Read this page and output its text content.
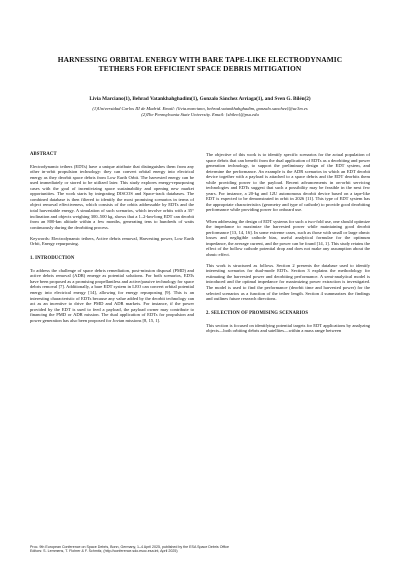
HARNESSING ORBITAL ENERGY WITH BARE TAPE-LIKE ELECTRODYNAMIC
TETHERS FOR EFFICIENT SPACE DEBRIS MITIGATION
Livia Marciano(1), Behrad Vatankhahghadim(1), Gonzalo Sánchez Arriaga(1), and Sven G. Bilén(2)
(1)Universidad Carlos III de Madrid. Email: {livia.marciano, behrad.vatankhahghadim, gonzalo.sanchez}@uc3m.es
(2)The Pennsylvania State University. Email: {sbilen}@psu.edu
ABSTRACT

Electrodynamic tethers (EDTs) have a unique attribute that distinguishes them from any other in-orbit propulsion technology: they can convert orbital energy into electrical energy as they deorbit space debris from Low Earth Orbit. The harvested energy can be used immediately or stored to be utilized later. This study explores energy-repurposing cases with the goal of incentivizing space sustainability and opening new market opportunities. The work starts by integrating DISCOS and Space-track databases. The combined database is then filtered to identify the most promising scenarios in terms of object removal effectiveness, which consists of the orbits addressable by EDTs and the total harvestable energy. A simulation of such scenarios, which involve orbits with a 35° inclination and objects weighing 300–500 kg, shows that a 1–2-km-long EDT can deorbit from an 800-km altitude within a few months, generating tens to hundreds of watts continuously during the deorbiting process.

Keywords: Electrodynamic tethers, Active debris removal, Harvesting power, Low Earth Orbit, Energy repurposing.

1. INTRODUCTION

To address the challenge of space debris remediation, post-mission disposal (PMD) and active debris removal (ADR) emerge as potential solutions. For both scenarios, EDTs have been proposed as a promising propellantless and active/passive technology for space debris removal [7]. Additionally, a bare EDT system in LEO can convert orbital potential energy into electrical energy [14], allowing for energy repurposing [9]. This is an interesting characteristic of EDTs because any value added by the deorbit technology can act as an incentive to drive the PMD and ADR markets. For instance, if the power provided by the EDT is used to feed a payload, the payload owner may contribute to financing the PMD or ADR mission. The dual application of EDTs for propulsion and power generation has also been proposed for Jovian missions [8, 15, 1].

The objective of this work is to identify specific scenarios for the actual population of space debris that can benefit from the dual application of EDTs as a deorbiting and power generation technology, to support the preliminary design of the EDT system, and determine the performance. An example is the ADR scenarios in which an EDT deorbit device together with a payload is attached to a space debris and the EDT deorbits them while providing power to the payload. Recent advancements in on-orbit servicing technologies and EDTs suggest that such a possibility may be feasible in the next few years. For instance, a 20-kg and 12U autonomous deorbit device based on a tape-like EDT is expected to be demonstrated in orbit in 2026 [11]. This type of EDT system has the appropriate characteristics (geometry and type of cathode) to provide good deorbiting performance while providing power for onboard use.

When addressing the design of EDT systems for such a two-fold use, one should optimize the impedance to maximize the harvested power while maintaining good deorbit performance [13, 14, 16]. In some extreme cases, such as those with small or large ohmic losses and negligible cathode bias, useful analytical formulae for the optimum impedance, the average current, and the power can be found [14, 1]. This study retains the effect of the hollow cathode potential drop and does not make any assumption about the ohmic effect.

This work is structured as follows. Section 2 presents the database used to identify interesting scenarios for dual-mode EDTs. Section 3 explains the methodology for estimating the harvested power and deorbiting performance. A semi-analytical model is introduced and the optimal impedance for maximizing power extraction is investigated. The model is used to find the performance (deorbit time and harvested power) for the selected scenarios as a function of the tether length. Section 4 summarizes the findings and outlines future research directions.

2. SELECTION OF PROMISING SCENARIOS

This section is focused on identifying potential targets for EDT applications by analyzing objects—both orbiting debris and satellites—within a mass range between

Proc. 9th European Conference on Space Debris, Bonn, Germany, 1–4 April 2025, published by the ESA Space Debris Office
Editors: S. Lemmens, T. Flohrer & F. Schmitz, (http://conference.sdo.esoc.esa.int, April 2025)
